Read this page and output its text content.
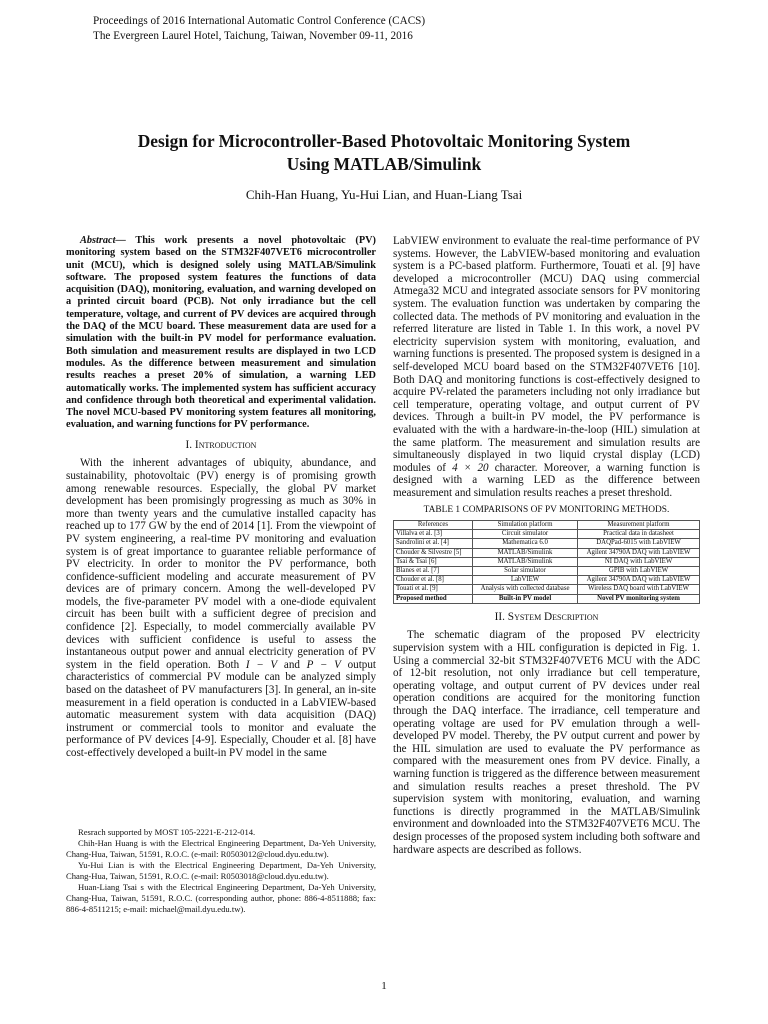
Proceedings of 2016 International Automatic Control Conference (CACS)
The Evergreen Laurel Hotel, Taichung, Taiwan, November 09-11, 2016
Design for Microcontroller-Based Photovoltaic Monitoring System
Using MATLAB/Simulink
Chih-Han Huang, Yu-Hui Lian, and Huan-Liang Tsai

Abstract— This work presents a novel photovoltaic (PV) monitoring system based on the STM32F407VET6 microcontroller unit (MCU), which is designed solely using MATLAB/Simulink software. The proposed system features the functions of data acquisition (DAQ), monitoring, evaluation, and warning developed on a printed circuit board (PCB). Not only irradiance but the cell temperature, voltage, and current of PV devices are acquired through the DAQ of the MCU board. These measurement data are used for a simulation with the built-in PV model for performance evaluation. Both simulation and measurement results are displayed in two LCD modules. As the difference between measurement and simulation results reaches a preset 20% of simulation, a warning LED automatically works. The implemented system has sufficient accuracy and confidence through both theoretical and experimental validation. The novel MCU-based PV monitoring system features all monitoring, evaluation, and warning functions for PV performance.

I. Introduction

With the inherent advantages of ubiquity, abundance, and sustainability, photovoltaic (PV) energy is of promising growth among renewable resources. Especially, the global PV market development has been promisingly progressing as much as 30% in more than twenty years and the cumulative installed capacity has reached up to 177 GW by the end of 2014 [1]. From the viewpoint of PV system engineering, a real-time PV monitoring and evaluation system is of great importance to guarantee reliable performance of PV electricity. In order to monitor the PV performance, both confidence-sufficient modeling and accurate measurement of PV devices are of primary concern. Among the well-developed PV models, the five-parameter PV model with a one-diode equivalent circuit has been built with a sufficient degree of precision and confidence [2]. Especially, to model commercially available PV devices with sufficient confidence is useful to assess the instantaneous output power and annual electricity generation of PV system in the field operation. Both I − V and P − V output characteristics of commercial PV module can be analyzed simply based on the datasheet of PV manufacturers [3]. In general, an in-site measurement in a field operation is conducted in a LabVIEW-based automatic measurement system with data acquisition (DAQ) instrument or commercial tools to monitor and evaluate the performance of PV devices [4-9]. Especially, Chouder et al. [8] have cost-effectively developed a built-in PV model in the same

Resrach supported by MOST 105-2221-E-212-014.

Chih-Han Huang is with the Electrical Engineering Department, Da-Yeh University, Chang-Hua, Taiwan, 51591, R.O.C. (e-mail: R0503012@cloud.dyu.edu.tw).

Yu-Hui Lian is with the Electrical Engineering Department, Da-Yeh University, Chang-Hua, Taiwan, 51591, R.O.C. (e-mail: R0503018@cloud.dyu.edu.tw).

Huan-Liang Tsai s with the Electrical Engineering Department, Da-Yeh University, Chang-Hua, Taiwan, 51591, R.O.C. (corresponding author, phone: 886-4-8511888; fax: 886-4-8511215; e-mail: michael@mail.dyu.edu.tw).

LabVIEW environment to evaluate the real-time performance of PV systems. However, the LabVIEW-based monitoring and evaluation system is a PC-based platform. Furthermore, Touati et al. [9] have developed a microcontroller (MCU) DAQ using commercial Atmega32 MCU and integrated associate sensors for PV monitoring system. The evaluation function was undertaken by comparing the collected data. The methods of PV monitoring and evaluation in the referred literature are listed in Table 1. In this work, a novel PV electricity supervision system with monitoring, evaluation, and warning functions is presented. The proposed system is designed in a self-developed MCU board based on the STM32F407VET6 [10]. Both DAQ and monitoring functions is cost-effectively designed to acquire PV-related the parameters including not only irradiance but cell temperature, operating voltage, and output current of PV devices. Through a built-in PV model, the PV performance is evaluated with the with a hardware-in-the-loop (HIL) simulation at the same platform. The measurement and simulation results are simultaneously displayed in two liquid crystal display (LCD) modules of 4 × 20 character. Moreover, a warning function is designed with a warning LED as the difference between measurement and simulation results reaches a preset threshold.

TABLE 1 COMPARISONS OF PV MONITORING METHODS.
References	Simulation platform	Measurement platform
Villalva et al. [3]	Circuit simulator	Practical data in datasheet
Sandrolini et al. [4]	Mathematica 6.0	DAQPad-6015 with LabVIEW
Chouder & Silvestre [5]	MATLAB/Simulink	Agilent 34790A DAQ with LabVIEW
Tsai & Tsai [6]	MATLAB/Simulink	NI DAQ with LabVIEW
Blanes et al. [7]	Solar simulator	GPIB with LabVIEW
Chouder et al. [8]	LabVIEW	Agilent 34790A DAQ with LabVIEW
Touati et al. [9]	Analysis with collected database	Wireless DAQ board with LabVIEW
Proposed method	Built-in PV model	Novel PV monitoring system
II. System Description

The schematic diagram of the proposed PV electricity supervision system with a HIL configuration is depicted in Fig. 1. Using a commercial 32-bit STM32F407VET6 MCU with the ADC of 12-bit resolution, not only irradiance but cell temperature, operating voltage, and output current of PV devices under real operation conditions are acquired for the monitoring function through the DAQ interface. The irradiance, cell temperature and operating voltage are used for PV emulation through a well-developed PV model. Thereby, the PV output current and power by the HIL simulation are used to evaluate the PV performance as compared with the measurement ones from PV device. Finally, a warning function is triggered as the difference between measurement and simulation results reaches a preset threshold. The PV supervision system with monitoring, evaluation, and warning functions is directly programmed in the MATLAB/Simulink environment and downloaded into the STM32F407VET6 MCU. The design processes of the proposed system including both software and hardware aspects are described as follows.

1
